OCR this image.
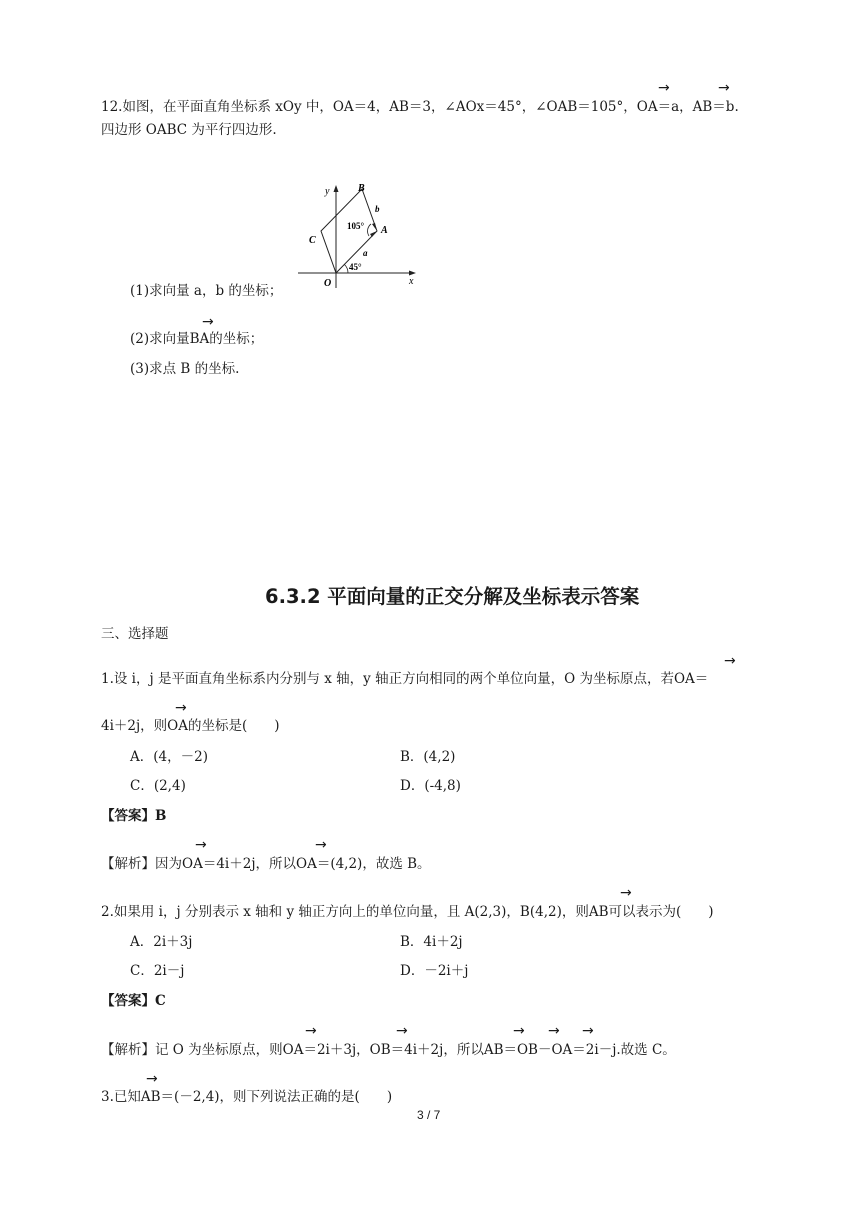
→	→
12.如图，在平面直角坐标系 xOy 中，OA＝4，AB＝3，∠AOx＝45°，∠OAB＝105°，OA＝a，AB＝b.
四边形 OABC 为平行四边形.
y
x
O
B
C
A
b
a
105°
45°
(1)求向量 a，b 的坐标；
→
(2)求向量BA的坐标；
(3)求点 B 的坐标.
6.3.2 平面向量的正交分解及坐标表示答案
三、选择题
→
1.设 i，j 是平面直角坐标系内分别与 x 轴，y 轴正方向相同的两个单位向量，O 为坐标原点，若OA＝
→
4i＋2j，则OA的坐标是(　　)
A．(4，－2)	B．(4,2)
C．(2,4)	D．(-4,8)
【答案】B
→	→
【解析】因为OA＝4i＋2j，所以OA＝(4,2)，故选 B。
→
2.如果用 i，j 分别表示 x 轴和 y 轴正方向上的单位向量，且 A(2,3)，B(4,2)，则AB可以表示为(　　)
A．2i＋3j	B．4i＋2j
C．2i－j	D．－2i＋j
【答案】C
→	→	→ → →
【解析】记 O 为坐标原点，则OA＝2i＋3j，OB＝4i＋2j，所以AB＝OB－OA＝2i－j.故选 C。
→
3.已知AB＝(－2,4)，则下列说法正确的是(　　)
3 / 7
